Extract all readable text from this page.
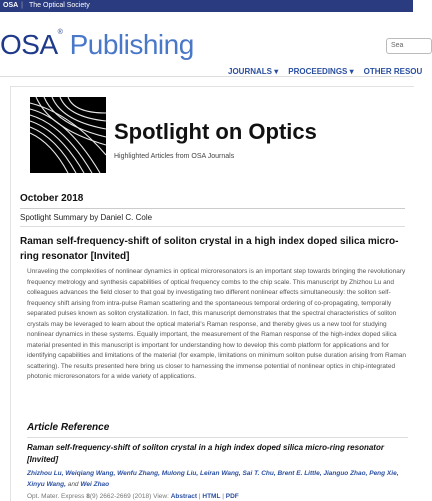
OSA | The Optical Society
OSA® Publishing	Sea
JOURNALS ▾ PROCEEDINGS ▾ OTHER RESOU
Spotlight on Optics
Highlighted Articles from OSA Journals
October 2018
Spotlight Summary by Daniel C. Cole
Raman self-frequency-shift of soliton crystal in a high index doped silica micro-ring resonator [Invited]
Unraveling the complexities of nonlinear dynamics in optical microresonators is an important step towards bringing the revolutionary frequency metrology and synthesis capabilities of optical frequency combs to the chip scale. This manuscript by Zhizhou Lu and colleagues advances the field closer to that goal by investigating two different nonlinear effects simultaneously: the soliton self-frequency shift arising from intra-pulse Raman scattering and the spontaneous temporal ordering of co-propagating, temporally separated pulses known as soliton crystallization. In fact, this manuscript demonstrates that the spectral characteristics of soliton crystals may be leveraged to learn about the optical material's Raman response, and thereby gives us a new tool for studying nonlinear dynamics in these systems. Equally important, the measurement of the Raman response of the high-index doped silica material presented in this manuscript is important for understanding how to develop this comb platform for applications and for identifying capabilities and limitations of the material (for example, limitations on minimum soliton pulse duration arising from Raman scattering). The results presented here bring us closer to harnessing the immense potential of nonlinear optics in chip-integrated photonic microresonators for a wide variety of applications.
Article Reference
Raman self-frequency-shift of soliton crystal in a high index doped silica micro-ring resonator [Invited]
Zhizhou Lu, Weiqiang Wang, Wenfu Zhang, Mulong Liu, Leiran Wang, Sai T. Chu, Brent E. Little, Jianguo Zhao, Peng Xie, Xinyu Wang, and Wei Zhao
Opt. Mater. Express 8(9) 2662-2669 (2018) View: Abstract | HTML | PDF
